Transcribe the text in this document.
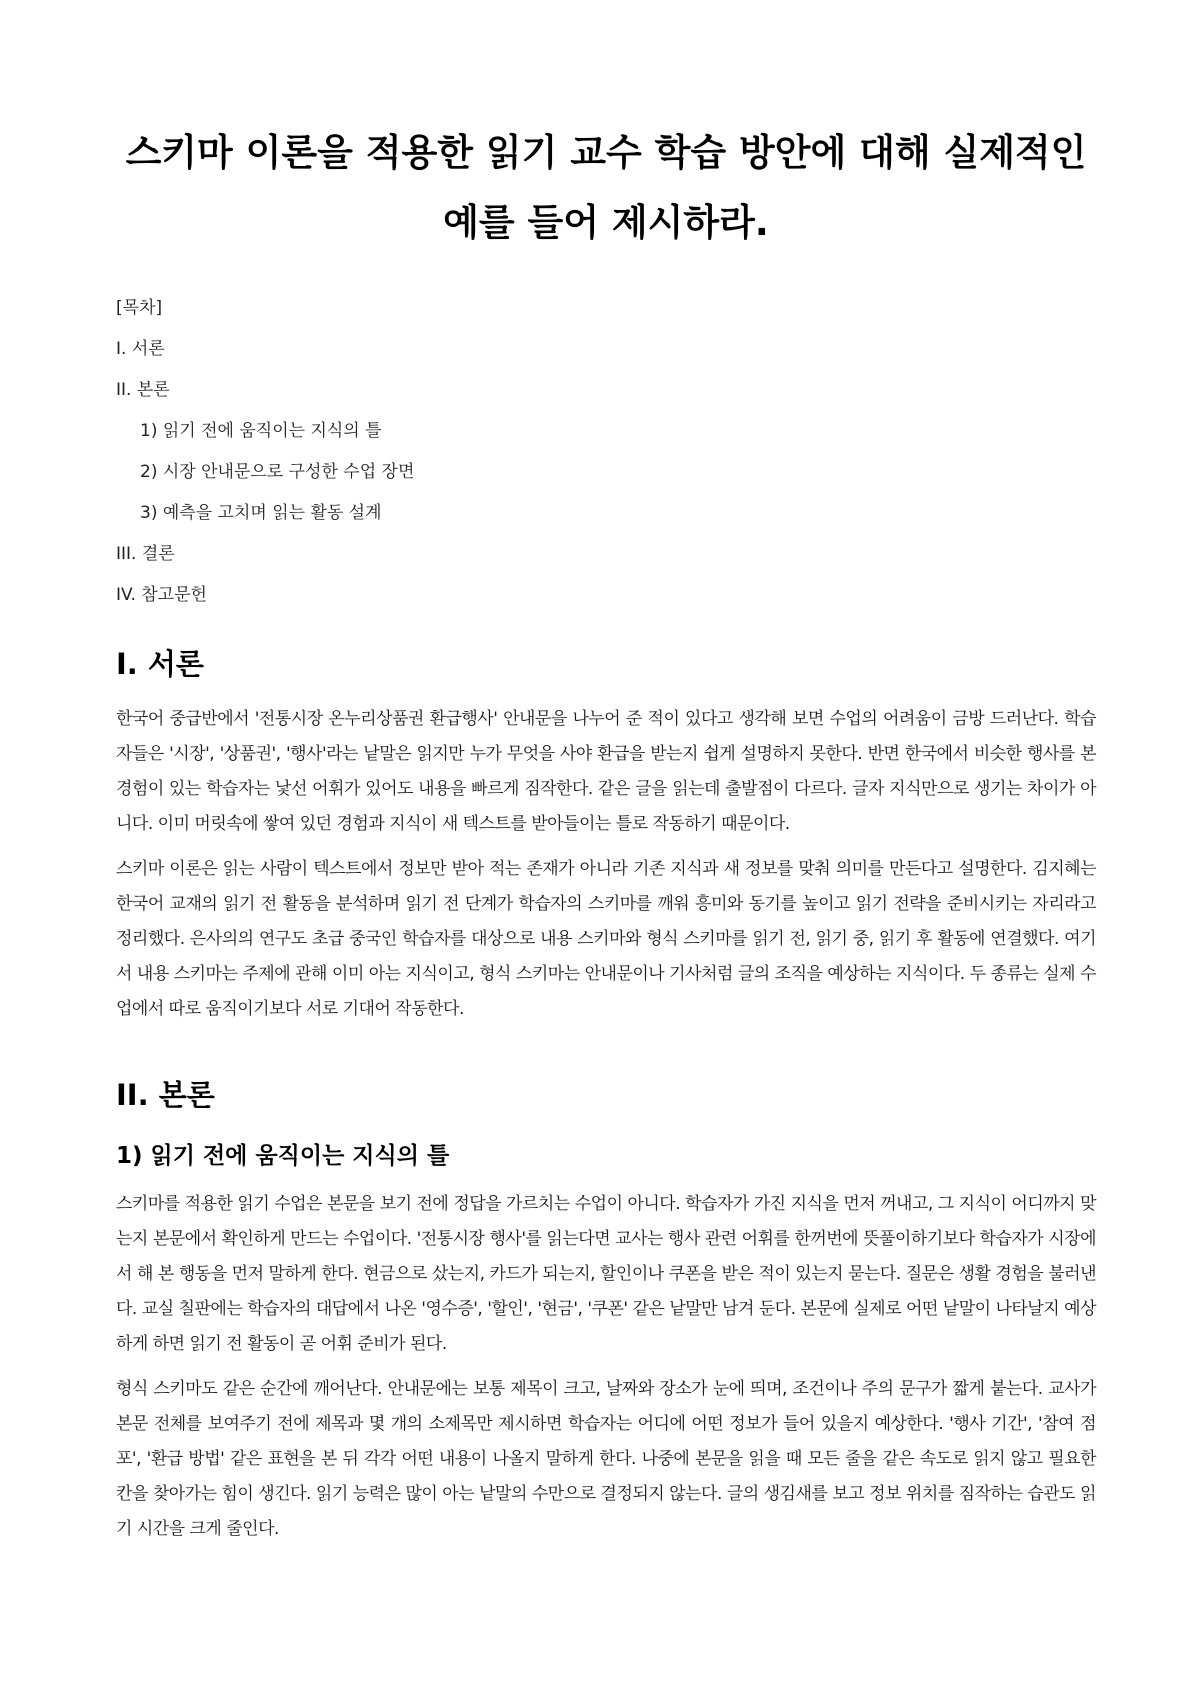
스키마 이론을 적용한 읽기 교수 학습 방안에 대해 실제적인 예를 들어 제시하라.
[목차]
I. 서론
II. 본론
1) 읽기 전에 움직이는 지식의 틀
2) 시장 안내문으로 구성한 수업 장면
3) 예측을 고치며 읽는 활동 설계
III. 결론
IV. 참고문헌
I. 서론

한국어 중급반에서 '전통시장 온누리상품권 환급행사' 안내문을 나누어 준 적이 있다고 생각해 보면 수업의 어려움이 금방 드러난다. 학습자들은 '시장', '상품권', '행사'라는 낱말은 읽지만 누가 무엇을 사야 환급을 받는지 쉽게 설명하지 못한다. 반면 한국에서 비슷한 행사를 본 경험이 있는 학습자는 낯선 어휘가 있어도 내용을 빠르게 짐작한다. 같은 글을 읽는데 출발점이 다르다. 글자 지식만으로 생기는 차이가 아니다. 이미 머릿속에 쌓여 있던 경험과 지식이 새 텍스트를 받아들이는 틀로 작동하기 때문이다.

스키마 이론은 읽는 사람이 텍스트에서 정보만 받아 적는 존재가 아니라 기존 지식과 새 정보를 맞춰 의미를 만든다고 설명한다. 김지혜는 한국어 교재의 읽기 전 활동을 분석하며 읽기 전 단계가 학습자의 스키마를 깨워 흥미와 동기를 높이고 읽기 전략을 준비시키는 자리라고 정리했다. 은사의의 연구도 초급 중국인 학습자를 대상으로 내용 스키마와 형식 스키마를 읽기 전, 읽기 중, 읽기 후 활동에 연결했다. 여기서 내용 스키마는 주제에 관해 이미 아는 지식이고, 형식 스키마는 안내문이나 기사처럼 글의 조직을 예상하는 지식이다. 두 종류는 실제 수업에서 따로 움직이기보다 서로 기대어 작동한다.

II. 본론
1) 읽기 전에 움직이는 지식의 틀

스키마를 적용한 읽기 수업은 본문을 보기 전에 정답을 가르치는 수업이 아니다. 학습자가 가진 지식을 먼저 꺼내고, 그 지식이 어디까지 맞는지 본문에서 확인하게 만드는 수업이다. '전통시장 행사'를 읽는다면 교사는 행사 관련 어휘를 한꺼번에 뜻풀이하기보다 학습자가 시장에서 해 본 행동을 먼저 말하게 한다. 현금으로 샀는지, 카드가 되는지, 할인이나 쿠폰을 받은 적이 있는지 묻는다. 질문은 생활 경험을 불러낸다. 교실 칠판에는 학습자의 대답에서 나온 '영수증', '할인', '현금', '쿠폰' 같은 낱말만 남겨 둔다. 본문에 실제로 어떤 낱말이 나타날지 예상하게 하면 읽기 전 활동이 곧 어휘 준비가 된다.

형식 스키마도 같은 순간에 깨어난다. 안내문에는 보통 제목이 크고, 날짜와 장소가 눈에 띄며, 조건이나 주의 문구가 짧게 붙는다. 교사가 본문 전체를 보여주기 전에 제목과 몇 개의 소제목만 제시하면 학습자는 어디에 어떤 정보가 들어 있을지 예상한다. '행사 기간', '참여 점포', '환급 방법' 같은 표현을 본 뒤 각각 어떤 내용이 나올지 말하게 한다. 나중에 본문을 읽을 때 모든 줄을 같은 속도로 읽지 않고 필요한 칸을 찾아가는 힘이 생긴다. 읽기 능력은 많이 아는 낱말의 수만으로 결정되지 않는다. 글의 생김새를 보고 정보 위치를 짐작하는 습관도 읽기 시간을 크게 줄인다.
